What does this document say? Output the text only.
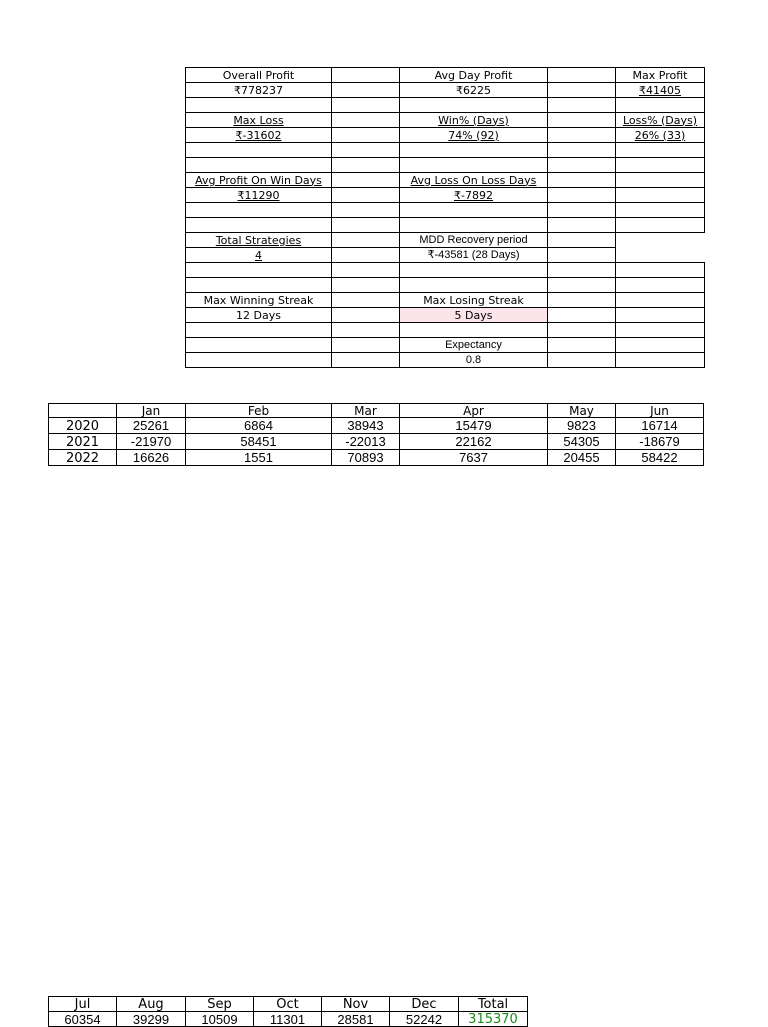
Overall Profit		Avg Day Profit		Max Profit
₹778237		₹6225		₹41405

Max Loss		Win% (Days)		Loss% (Days)
₹-31602		74% (92)		26% (33)

Avg Profit On Win Days		Avg Loss On Loss Days		
₹11290		₹-7892		

Total Strategies		MDD Recovery period		
4		₹-43581 (28 Days)		

Max Winning Streak		Max Losing Streak		
12 Days		5 Days		

		Expectancy		
		0.8		
	Jan	Feb	Mar	Apr	May	Jun
2020	25261	6864	38943	15479	9823	16714
2021	-21970	58451	-22013	22162	54305	-18679
2022	16626	1551	70893	7637	20455	58422
Jul	Aug	Sep	Oct	Nov	Dec	Total
60354	39299	10509	11301	28581	52242	315370
